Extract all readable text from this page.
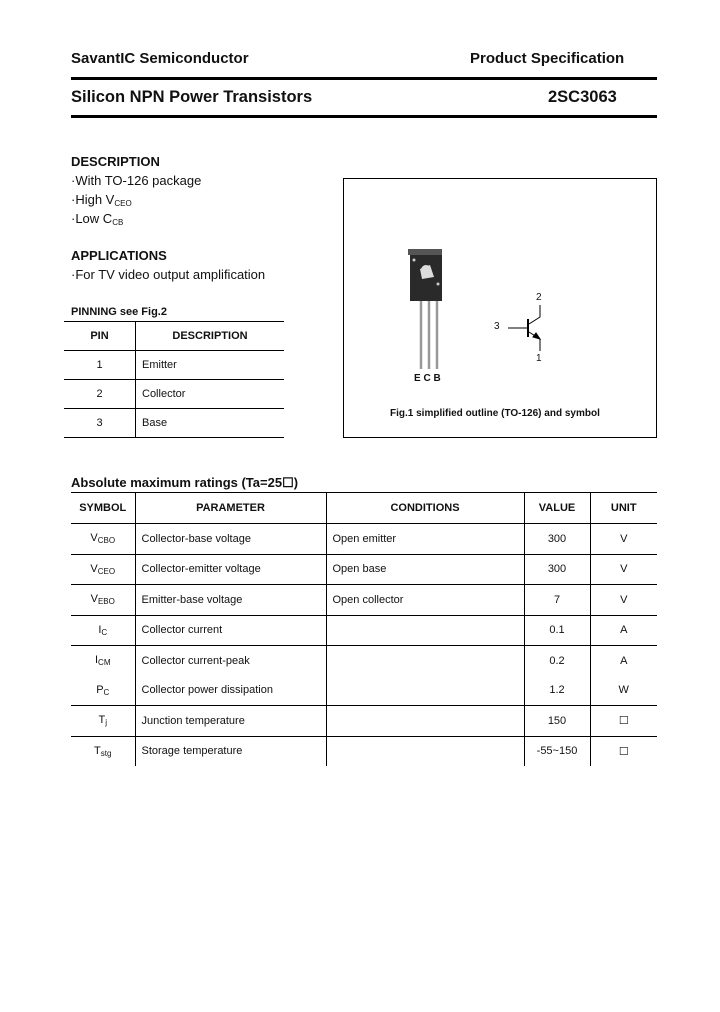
SavantIC Semiconductor	Product Specification
Silicon NPN Power Transistors	2SC3063
DESCRIPTION
·With TO-126 package
·High $V_{CEO}$
·Low $C_{CB}$
APPLICATIONS
·For TV video output amplification
PINNING see Fig.2
PIN	DESCRIPTION
1	Emitter
2	Collector
3	Base
2
3
1
E C B
Fig.1 simplified outline (TO-126) and symbol
Absolute maximum ratings (Ta=25☐)
SYMBOL	PARAMETER	CONDITIONS	VALUE	UNIT
$V_{CBO}$	Collector-base voltage	Open emitter	300	V
$V_{CEO}$	Collector-emitter voltage	Open base	300	V
$V_{EBO}$	Emitter-base voltage	Open collector	7	V
$I_C$	Collector current		0.1	A
$I_{CM}$	Collector current-peak		0.2	A
$P_C$	Collector power dissipation		1.2	W
$T_j$	Junction temperature		150	☐
$T_{stg}$	Storage temperature		-55~150	☐
